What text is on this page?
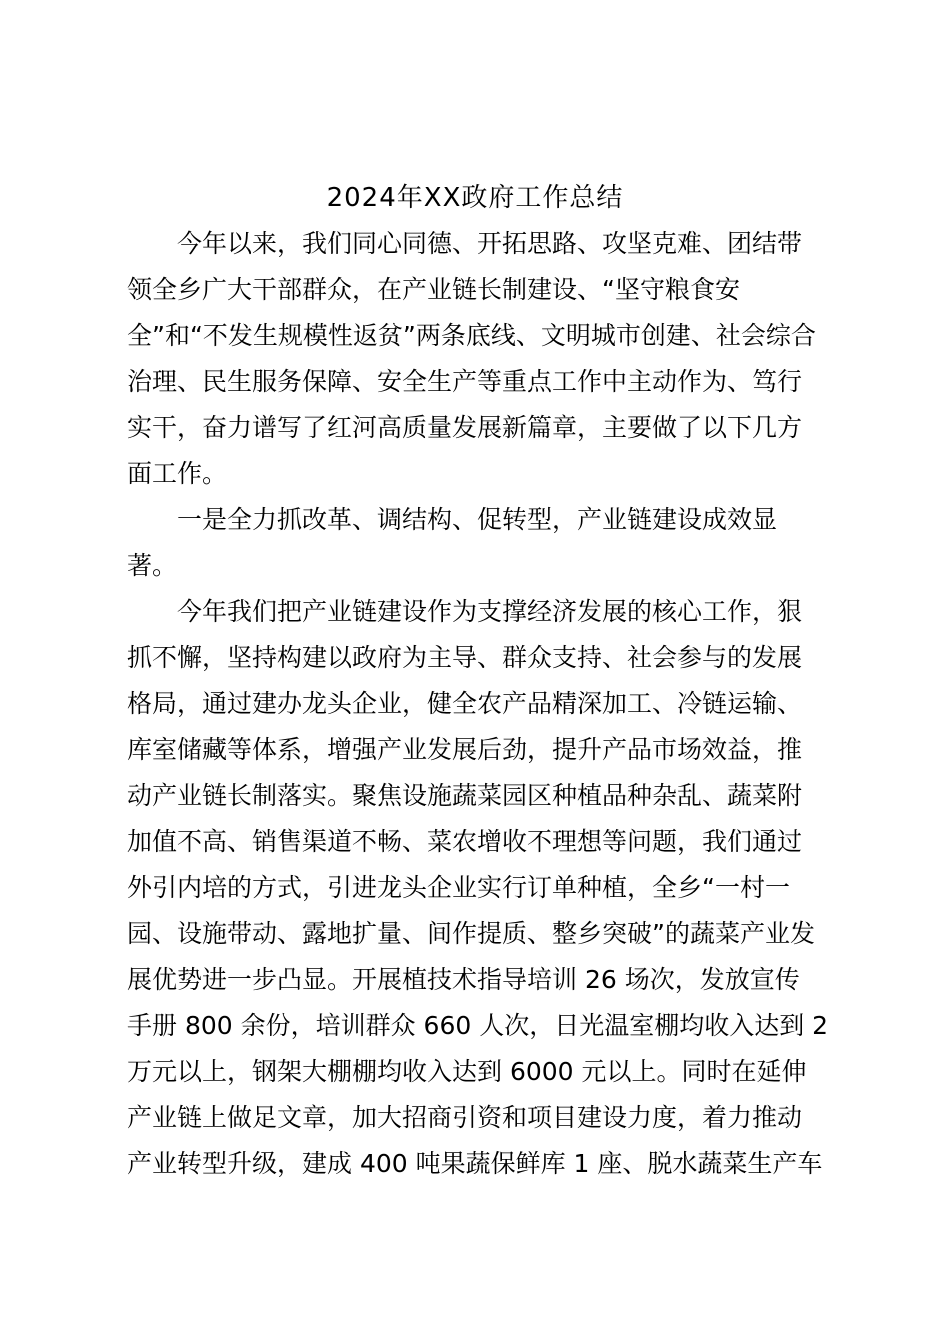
2024年XX政府工作总结
今年以来，我们同心同德、开拓思路、攻坚克难、团结带
领全乡广大干部群众，在产业链长制建设、“坚守粮食安
全”和“不发生规模性返贫”两条底线、文明城市创建、社会综合
治理、民生服务保障、安全生产等重点工作中主动作为、笃行
实干，奋力谱写了红河高质量发展新篇章，主要做了以下几方
面工作。
一是全力抓改革、调结构、促转型，产业链建设成效显
著。
今年我们把产业链建设作为支撑经济发展的核心工作，狠
抓不懈，坚持构建以政府为主导、群众支持、社会参与的发展
格局，通过建办龙头企业，健全农产品精深加工、冷链运输、
库室储藏等体系，增强产业发展后劲，提升产品市场效益，推
动产业链长制落实。聚焦设施蔬菜园区种植品种杂乱、蔬菜附
加值不高、销售渠道不畅、菜农增收不理想等问题，我们通过
外引内培的方式，引进龙头企业实行订单种植，全乡“一村一
园、设施带动、露地扩量、间作提质、整乡突破”的蔬菜产业发
展优势进一步凸显。开展植技术指导培训 26 场次，发放宣传
手册 800 余份，培训群众 660 人次，日光温室棚均收入达到 2
万元以上，钢架大棚棚均收入达到 6000 元以上。同时在延伸
产业链上做足文章，加大招商引资和项目建设力度，着力推动
产业转型升级，建成 400 吨果蔬保鲜库 1 座、脱水蔬菜生产车
